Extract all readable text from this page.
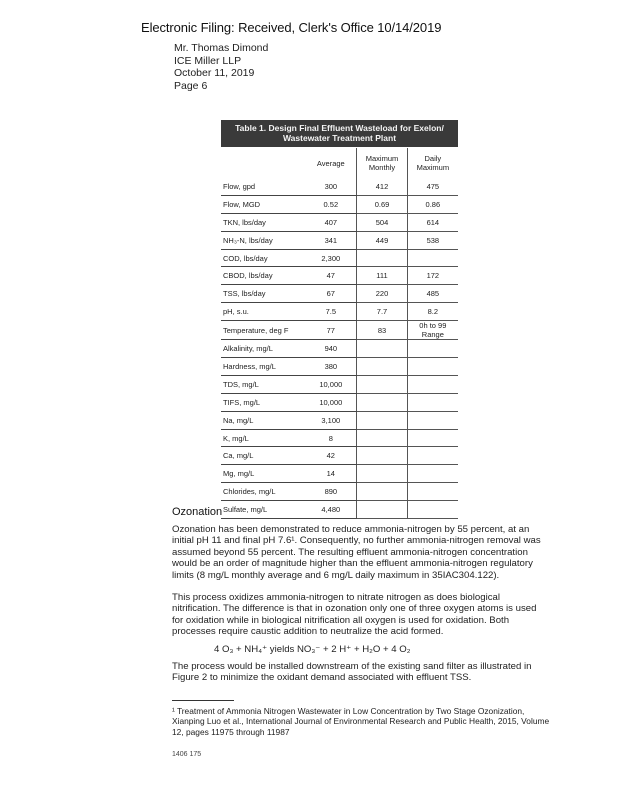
Electronic Filing: Received, Clerk's Office 10/14/2019
Mr. Thomas Dimond
ICE Miller LLP
October 11, 2019
Page 6
Table 1. Design Final Effluent Wasteload for Exelon/
Wastewater Treatment Plant
	Average	Maximum Monthly	Daily Maximum
Flow, gpd	300	412	475
Flow, MGD	0.52	0.69	0.86
TKN, lbs/day	407	504	614
NH₃-N, lbs/day	341	449	538
COD, lbs/day	2,300		
CBOD, lbs/day	47	111	172
TSS, lbs/day	67	220	485
pH, s.u.	7.5	7.7	8.2
Temperature, deg F	77	83	0h to 99 Range
Alkalinity, mg/L	940		
Hardness, mg/L	380		
TDS, mg/L	10,000		
TIFS, mg/L	10,000		
Na, mg/L	3,100		
K, mg/L	8		
Ca, mg/L	42		
Mg, mg/L	14		
Chlorides, mg/L	890		
Sulfate, mg/L	4,480		
Ozonation
Ozonation has been demonstrated to reduce ammonia-nitrogen by 55 percent, at an initial pH 11 and final pH 7.6¹. Consequently, no further ammonia-nitrogen removal was assumed beyond 55 percent. The resulting effluent ammonia-nitrogen concentration would be an order of magnitude higher than the effluent ammonia-nitrogen regulatory limits (8 mg/L monthly average and 6 mg/L daily maximum in 35IAC304.122).
This process oxidizes ammonia-nitrogen to nitrate nitrogen as does biological nitrification. The difference is that in ozonation only one of three oxygen atoms is used for oxidation while in biological nitrification all oxygen is used for oxidation. Both processes require caustic addition to neutralize the acid formed.
4 O₃ + NH₄⁺ yields NO₃⁻ + 2 H⁺ + H₂O + 4 O₂
The process would be installed downstream of the existing sand filter as illustrated in Figure 2 to minimize the oxidant demand associated with effluent TSS.
¹ Treatment of Ammonia Nitrogen Wastewater in Low Concentration by Two Stage Ozonization, Xianping Luo et al., International Journal of Environmental Research and Public Health, 2015, Volume 12, pages 11975 through 11987
1406 175
